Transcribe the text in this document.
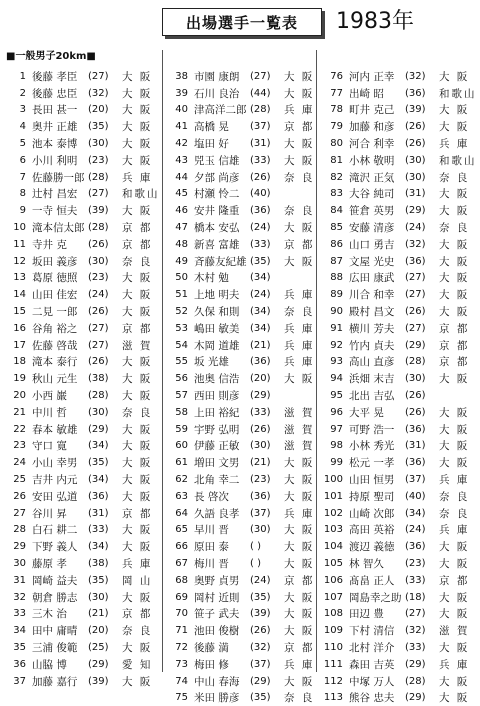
出場選手一覧表	1983年
■一般男子20km■
1 後藤 孝臣	(27)	大 阪
2 後藤 忠臣	(32)	大 阪
3 長田 甚一	(20)	大 阪
4 奥井 正雄	(35)	大 阪
5 池本 泰博	(30)	大 阪
6 小川 利明	(23)	大 阪
7 佐藤勝一郎 (28)	兵 庫
8 辻村 昌宏	(27)	和歌山
9 一寺 恒夫	(39)	大 阪
10 滝本信太郎 (28)	京 都
11 寺井 克	(26)	京 都
12 坂田 義彦	(30)	奈 良
13 葛原 徳照	(23)	大 阪
14 山田 佳宏	(24)	大 阪
15 二見 一郎	(26)	大 阪
16 谷角 裕之	(27)	京 都
17 佐藤 啓哉	(27)	滋 賀
18 滝本 泰行	(26)	大 阪
19 秋山 元生	(38)	大 阪
20 小西 巌	(28)	大 阪
21 中川 哲	(30)	奈 良
22 春本 敏雄	(29)	大 阪
23 守口 寛	(34)	大 阪
24 小山 幸男	(35)	大 阪
25 吉井 内元	(34)	大 阪
26 安田 弘道	(36)	大 阪
27 谷川 昇	(31)	京 都
28 白石 耕二	(33)	大 阪
29 下野 義人	(34)	大 阪
30 藤原 孝	(38)	兵 庫
31 岡崎 益夫	(35)	岡 山
32 朝倉 勝志	(30)	大 阪
33 三木 治	(21)	京 都
34 田中 庸晴	(20)	奈 良
35 三浦 俊範	(25)	大 阪
36 山脇 博	(29)	愛 知
37 加藤 嘉行	(39)	大 阪
38 市園 康朗	(27)	大 阪
39 石川 良治	(44)	大 阪
40 津高洋二郎 (28)	兵 庫
41 高橋 晃	(37)	京 都
42 塩田 好	(31)	大 阪
43 兕玉 信雄	(33)	大 阪
44 夕部 尚彦	(26)	奈 良
45 村瀬 怜二	(40)
46 安井 隆重	(36)	奈 良
47 橋本 安弘	(24)	大 阪
48 新喜 富雄	(33)	京 都
49 斉藤友紀雄 (35)	大 阪
50 木村 勉	(34)
51 上地 明夫	(24)	兵 庫
52 久保 和則	(34)	奈 良
53 嶋田 敏美	(34)	兵 庫
54 木岡 道雄	(21)	兵 庫
55 坂 光雄	(36)	兵 庫
56 池奥 信浩	(20)	大 阪
57 西田 則彦	(29)
58 上田 裕紀	(33)	滋 賀
59 宇野 弘明	(26)	滋 賀
60 伊藤 正敏	(30)	滋 賀
61 増田 文男	(21)	大 阪
62 北角 幸二	(23)	大 阪
63 長 啓次	(36)	大 阪
64 久語 良孝	(37)	兵 庫
65 早川 晋	(30)	大 阪
66 原田 泰	( )	大 阪
67 梅川 晋	( )	大 阪
68 奥野 貞男	(24)	京 都
69 岡村 近則	(35)	大 阪
70 笹子 武夫	(39)	大 阪
71 池田 俊樹	(26)	大 阪
72 後藤 満	(32)	京 都
73 梅田 修	(37)	兵 庫
74 中山 春海	(29)	大 阪
75 米田 勝彦	(35)	奈 良
76 河内 正幸	(32)	大 阪
77 出崎 昭	(36)	和歌山
78 町井 克己	(39)	大 阪
79 加藤 和彦	(26)	大 阪
80 河合 利幸	(26)	兵 庫
81 小林 敬明	(30)	和歌山
82 滝沢 正気	(30)	奈 良
83 大谷 純司	(31)	大 阪
84 笹倉 英男	(29)	大 阪
85 安藤 清彦	(24)	奈 良
86 山口 勇吉	(32)	大 阪
87 文屋 光史	(36)	大 阪
88 広田 康武	(27)	大 阪
89 川合 和幸	(27)	大 阪
90 殿村 昌文	(26)	大 阪
91 横川 芳夫	(27)	京 都
92 竹内 貞夫	(29)	京 都
93 高山 直彦	(28)	京 都
94 浜畑 末吉	(30)	大 阪
95 北出 吉弘	(26)
96 大平 晃	(26)	大 阪
97 可野 浩一	(36)	大 阪
98 小林 秀光	(31)	大 阪
99 松元 一孝	(36)	大 阪
100 山田 恒男	(37)	兵 庫
101 持原 聖司	(40)	奈 良
102 山崎 次郎	(34)	奈 良
103 高田 英裕	(24)	兵 庫
104 渡辺 義徳	(36)	大 阪
105 林 智久	(23)	大 阪
106 髙畠 正人	(33)	京 都
107 岡島幸之助 (18)	大 阪
108 田辺 豊	(27)	大 阪
109 下村 清信	(32)	滋 賀
110 北村 洋介	(33)	大 阪
111 森田 吉英	(29)	兵 庫
112 中塚 万人	(28)	大 阪
113 熊谷 忠夫	(29)	大 阪
